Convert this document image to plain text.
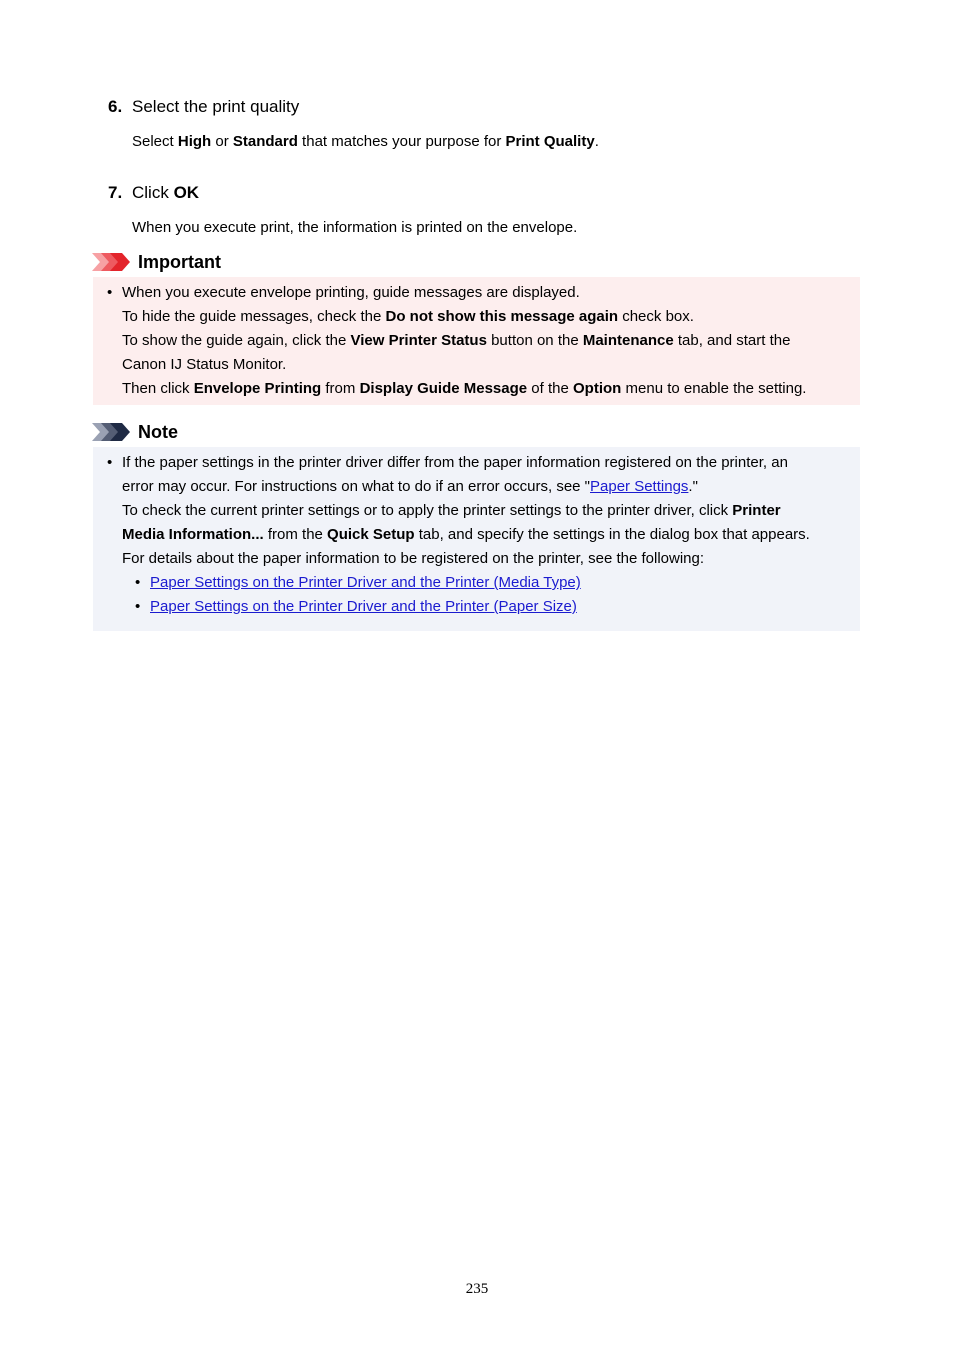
6. Select the print quality
Select High or Standard that matches your purpose for Print Quality.
7. Click OK
When you execute print, the information is printed on the envelope.
Important
• When you execute envelope printing, guide messages are displayed.
To hide the guide messages, check the Do not show this message again check box.
To show the guide again, click the View Printer Status button on the Maintenance tab, and start the
Canon IJ Status Monitor.
Then click Envelope Printing from Display Guide Message of the Option menu to enable the setting.
Note
• If the paper settings in the printer driver differ from the paper information registered on the printer, an
error may occur. For instructions on what to do if an error occurs, see "Paper Settings."
To check the current printer settings or to apply the printer settings to the printer driver, click Printer
Media Information... from the Quick Setup tab, and specify the settings in the dialog box that appears.
For details about the paper information to be registered on the printer, see the following:
• Paper Settings on the Printer Driver and the Printer (Media Type)
• Paper Settings on the Printer Driver and the Printer (Paper Size)
235
